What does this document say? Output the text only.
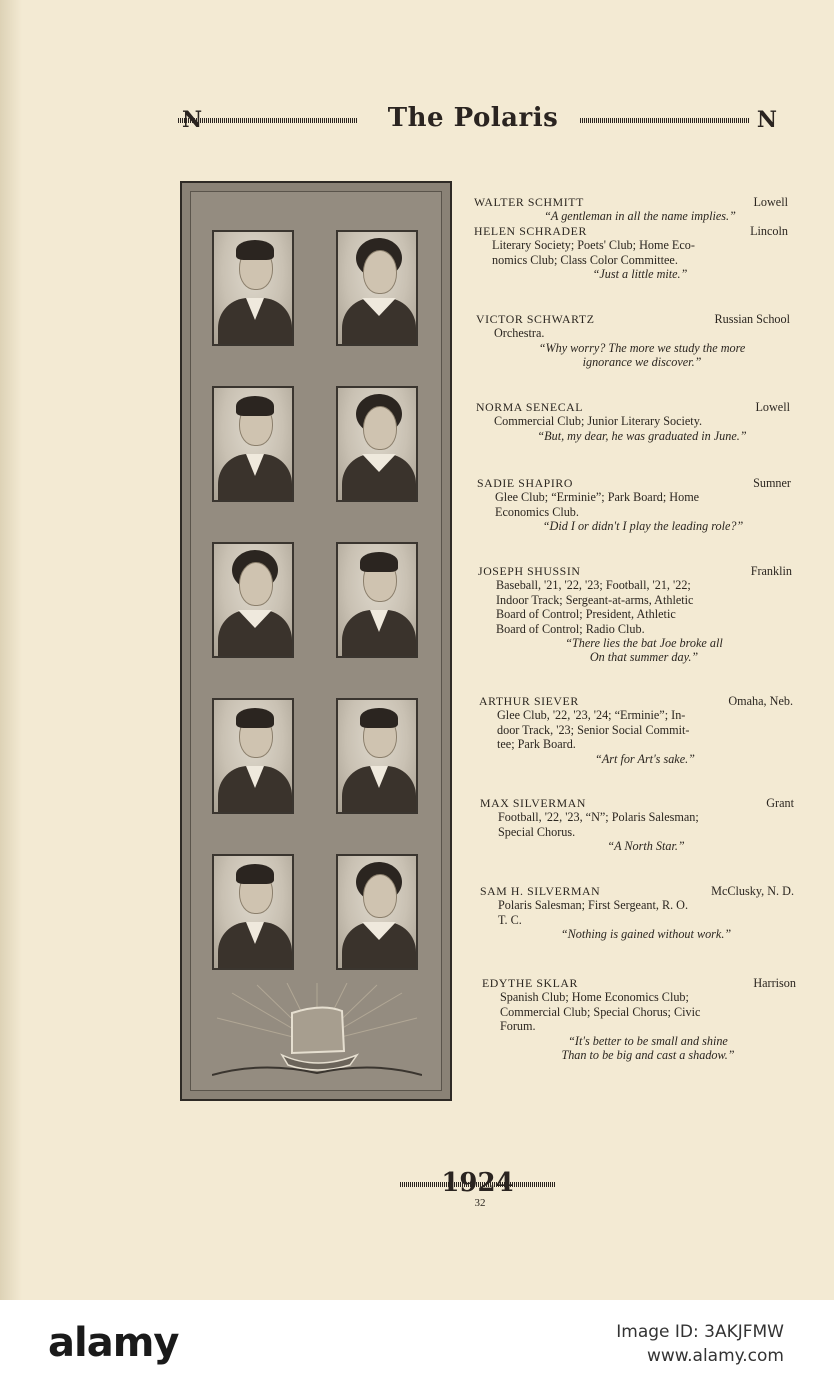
N	The Polaris	N
WALTER SCHMITT	Lowell
“A gentleman in all the name implies.”
HELEN SCHRADER	Lincoln
Literary Society; Poets' Club; Home Eco-
nomics Club; Class Color Committee.
“Just a little mite.”
VICTOR SCHWARTZ	Russian School
Orchestra.
“Why worry? The more we study the more
ignorance we discover.”
NORMA SENECAL	Lowell
Commercial Club; Junior Literary Society.
“But, my dear, he was graduated in June.”
SADIE SHAPIRO	Sumner
Glee Club; “Erminie”; Park Board; Home
Economics Club.
“Did I or didn't I play the leading role?”
JOSEPH SHUSSIN	Franklin
Baseball, '21, '22, '23; Football, '21, '22;
Indoor Track; Sergeant-at-arms, Athletic
Board of Control; President, Athletic
Board of Control; Radio Club.
“There lies the bat Joe broke all
On that summer day.”
ARTHUR SIEVER	Omaha, Neb.
Glee Club, '22, '23, '24; “Erminie”; In-
door Track, '23; Senior Social Commit-
tee; Park Board.
“Art for Art's sake.”
MAX SILVERMAN	Grant
Football, '22, '23, “N”; Polaris Salesman;
Special Chorus.
“A North Star.”
SAM H. SILVERMAN	McClusky, N. D.
Polaris Salesman; First Sergeant, R. O.
T. C.
“Nothing is gained without work.”
EDYTHE SKLAR	Harrison
Spanish Club; Home Economics Club;
Commercial Club; Special Chorus; Civic
Forum.
“It's better to be small and shine
Than to be big and cast a shadow.”
1924
32
alamy	Image ID: 3AKJFMW
www.alamy.com
